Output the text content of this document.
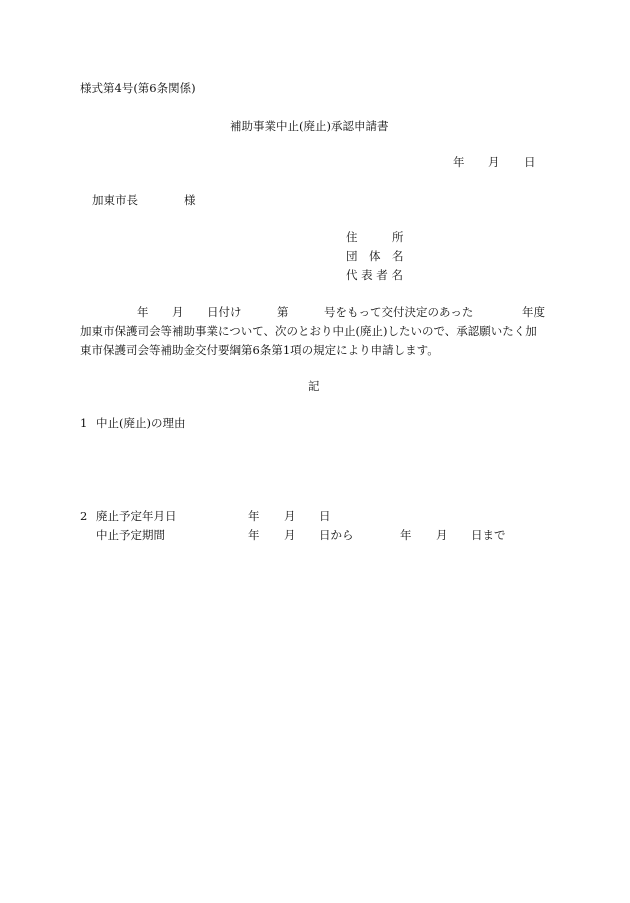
様式第4号(第6条関係)
補助事業中止(廃止)承認申請書
年 月 日
加東市長	様
住　　　所
団　体　名
代 表 者 名
年 月 日付け	第	号をもって交付決定のあった	年度
加東市保護司会等補助事業について、次のとおり中止(廃止)したいので、承認願いたく加
東市保護司会等補助金交付要綱第6条第1項の規定により申請します。
記
1 中止(廃止)の理由
2 廃止予定年月日	年 月 日
中止予定期間	年 月 日から	年 月 日まで
